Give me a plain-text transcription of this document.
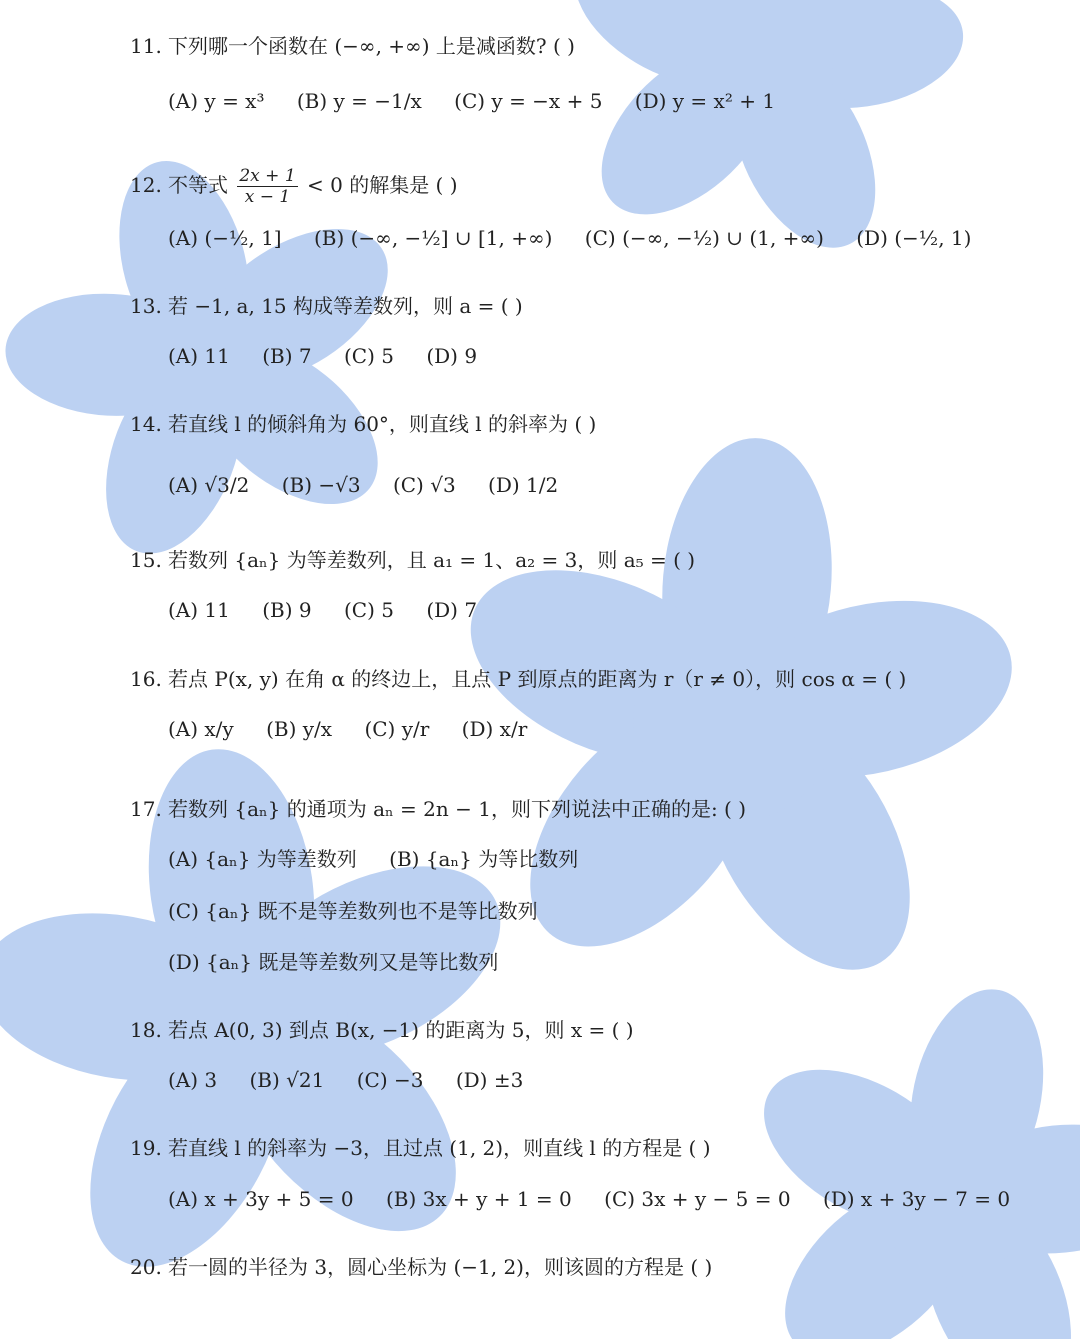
11. 下列哪一个函数在 (−∞, +∞) 上是减函数? ( )
(A) y = x³ (B) y = −1/x (C) y = −x + 5 (D) y = x² + 1
12. 不等式 $\frac{2x + 1}{x - 1} < 0$ 的解集是 ( )
(A) (−½, 1] (B) (−∞, −½] ∪ [1, +∞) (C) (−∞, −½) ∪ (1, +∞) (D) (−½, 1)
13. 若 −1, a, 15 构成等差数列，则 a = ( )
(A) 11 (B) 7 (C) 5 (D) 9
14. 若直线 l 的倾斜角为 60°，则直线 l 的斜率为 ( )
(A) √3/2 (B) −√3 (C) √3 (D) 1/2
15. 若数列 {aₙ} 为等差数列，且 a₁ = 1、a₂ = 3，则 a₅ = ( )
(A) 11 (B) 9 (C) 5 (D) 7
16. 若点 P(x, y) 在角 α 的终边上，且点 P 到原点的距离为 r（r ≠ 0），则 cos α = ( )
(A) x/y (B) y/x (C) y/r (D) x/r
17. 若数列 {aₙ} 的通项为 aₙ = 2n − 1，则下列说法中正确的是: ( )
(A) {aₙ} 为等差数列 (B) {aₙ} 为等比数列
(C) {aₙ} 既不是等差数列也不是等比数列
(D) {aₙ} 既是等差数列又是等比数列
18. 若点 A(0, 3) 到点 B(x, −1) 的距离为 5，则 x = ( )
(A) 3 (B) √21 (C) −3 (D) ±3
19. 若直线 l 的斜率为 −3，且过点 (1, 2)，则直线 l 的方程是 ( )
(A) x + 3y + 5 = 0 (B) 3x + y + 1 = 0 (C) 3x + y − 5 = 0 (D) x + 3y − 7 = 0
20. 若一圆的半径为 3，圆心坐标为 (−1, 2)，则该圆的方程是 ( )
